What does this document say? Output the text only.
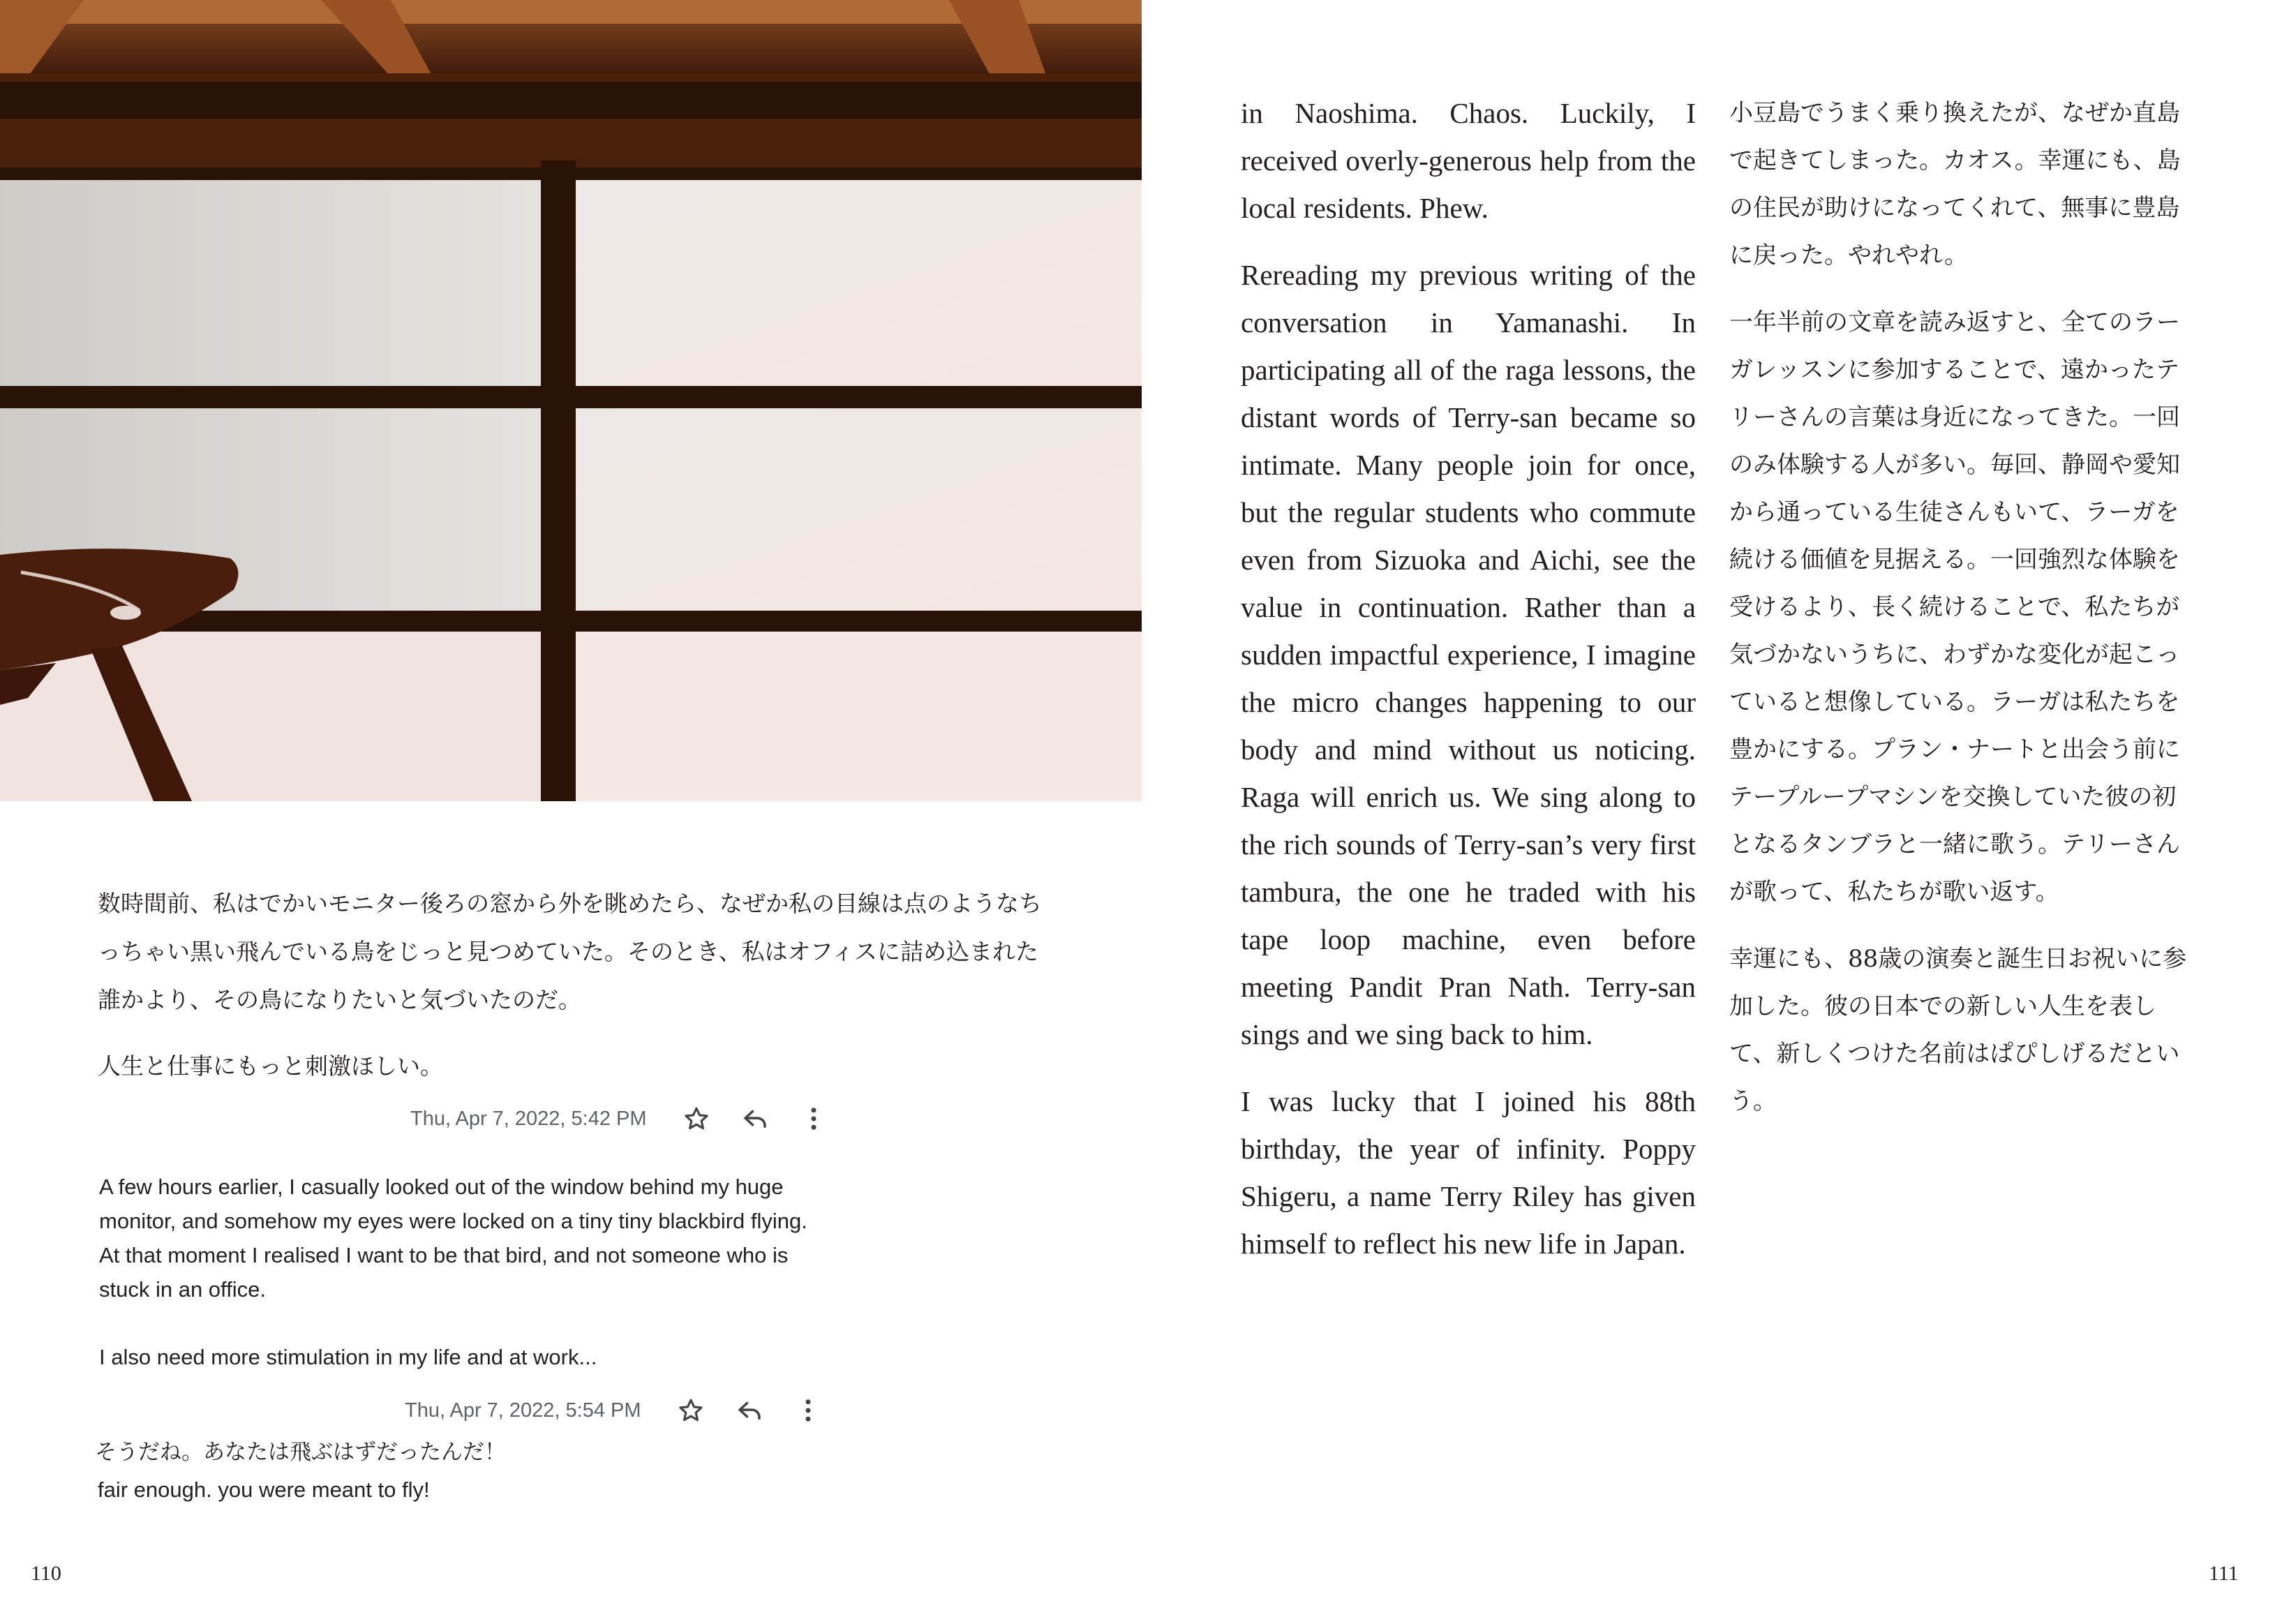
数時間前、私はでかいモニター後ろの窓から外を眺めたら、なぜか私の目線は点のようなちっちゃい黒い飛んでいる鳥をじっと見つめていた。そのとき、私はオフィスに詰め込まれた誰かより、その鳥になりたいと気づいたのだ。

人生と仕事にもっと刺激ほしい。

Thu, Apr 7, 2022, 5:42 PM

A few hours earlier, I casually looked out of the window behind my huge

monitor, and somehow my eyes were locked on a tiny tiny blackbird flying.

At that moment I realised I want to be that bird, and not someone who is

stuck in an office.

I also need more stimulation in my life and at work...

Thu, Apr 7, 2022, 5:54 PM

そうだね。あなたは飛ぶはずだったんだ！

fair enough. you were meant to fly!

110

in Naoshima. Chaos. Luckily, I received overly-generous help from the local residents. Phew.

Rereading my previous writing of the conversation in Yamanashi. In participating all of the raga lessons, the distant words of Terry-san became so intimate. Many people join for once, but the regular students who commute even from Sizuoka and Aichi, see the value in continuation. Rather than a sudden impactful experience, I imagine the micro changes happening to our body and mind without us noticing. Raga will enrich us. We sing along to the rich sounds of Terry-san’s very first tambura, the one he traded with his tape loop machine, even before meeting Pandit Pran Nath. Terry-san sings and we sing back to him.

I was lucky that I joined his 88th birthday, the year of infinity. Poppy Shigeru, a name Terry Riley has given himself to reflect his new life in Japan.

小豆島でうまく乗り換えたが、なぜか直島で起きてしまった。カオス。幸運にも、島の住民が助けになってくれて、無事に豊島に戻った。やれやれ。

一年半前の文章を読み返すと、全てのラーガレッスンに参加することで、遠かったテリーさんの言葉は身近になってきた。一回のみ体験する人が多い。毎回、静岡や愛知から通っている生徒さんもいて、ラーガを続ける価値を見据える。一回強烈な体験を受けるより、長く続けることで、私たちが気づかないうちに、わずかな変化が起こっていると想像している。ラーガは私たちを豊かにする。プラン・ナートと出会う前にテープループマシンを交換していた彼の初となるタンブラと一緒に歌う。テリーさんが歌って、私たちが歌い返す。

幸運にも、88歳の演奏と誕生日お祝いに参加した。彼の日本での新しい人生を表して、新しくつけた名前はぱぴしげるだという。

111
